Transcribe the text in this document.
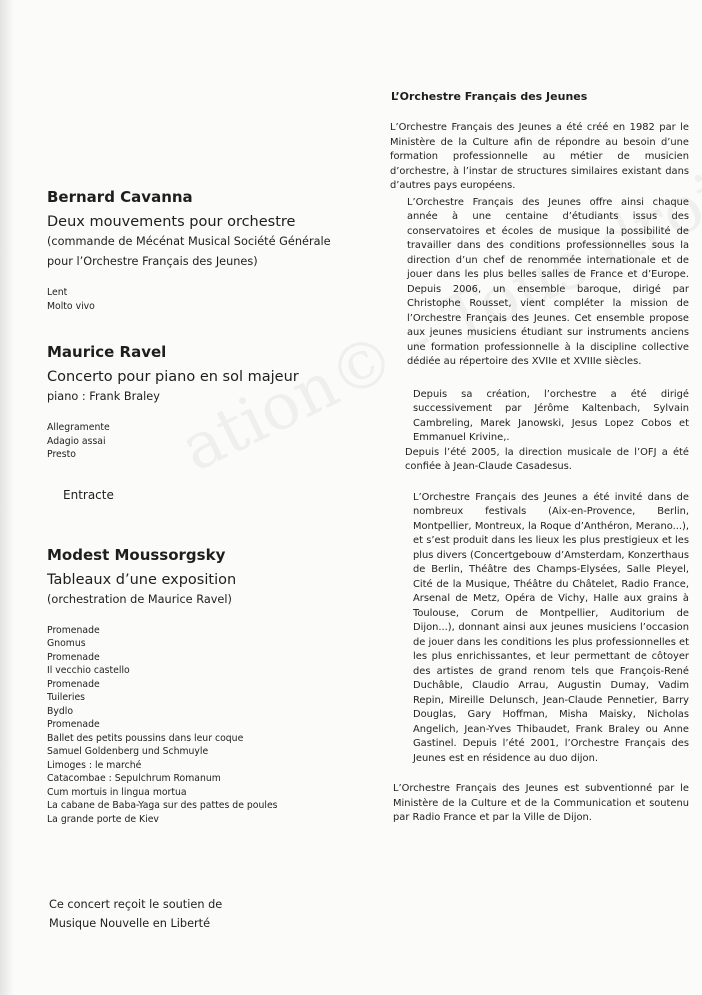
Bernard Cavanna

Deux mouvements pour orchestre

(commande de Mécénat Musical Société Générale
pour l’Orchestre Français des Jeunes)

Lent
Molto vivo
Maurice Ravel

Concerto pour piano en sol majeur

piano : Frank Braley

Allegramente
Adagio assai
Presto

Entracte

Modest Moussorgsky

Tableaux d’une exposition

(orchestration de Maurice Ravel)

Promenade
Gnomus
Promenade
Il vecchio castello
Promenade
Tuileries
Bydlo
Promenade
Ballet des petits poussins dans leur coque
Samuel Goldenberg und Schmuyle
Limoges : le marché
Catacombae : Sepulchrum Romanum
Cum mortuis in lingua mortua
La cabane de Baba-Yaga sur des pattes de poules
La grande porte de Kiev
Ce concert reçoit le soutien de
Musique Nouvelle en Liberté
L’Orchestre Français des Jeunes

L’Orchestre Français des Jeunes a été créé en 1982 par le Ministère de la Culture afin de répondre au besoin d’une formation professionnelle au métier de musicien d’orchestre, à l’instar de structures similaires existant dans d’autres pays européens.

L’Orchestre Français des Jeunes offre ainsi chaque année à une centaine d’étudiants issus des conservatoires et écoles de musique la possibilité de travailler dans des conditions professionnelles sous la direction d’un chef de renommée internationale et de jouer dans les plus belles salles de France et d’Europe. Depuis 2006, un ensemble baroque, dirigé par Christophe Rousset, vient compléter la mission de l’Orchestre Français des Jeunes. Cet ensemble propose aux jeunes musiciens étudiant sur instruments anciens une formation professionnelle à la discipline collective dédiée au répertoire des XVIIe et XVIIIe siècles.

Depuis sa création, l’orchestre a été dirigé successivement par Jérôme Kaltenbach, Sylvain Cambreling, Marek Janowski, Jesus Lopez Cobos et Emmanuel Krivine,.

Depuis l’été 2005, la direction musicale de l’OFJ a été confiée à Jean-Claude Casadesus.

L’Orchestre Français des Jeunes a été invité dans de nombreux festivals (Aix-en-Provence, Berlin, Montpellier, Montreux, la Roque d’Anthéron, Merano...), et s’est produit dans les lieux les plus prestigieux et les plus divers (Concertgebouw d’Amsterdam, Konzerthaus de Berlin, Théâtre des Champs-Elysées, Salle Pleyel, Cité de la Musique, Théâtre du Châtelet, Radio France, Arsenal de Metz, Opéra de Vichy, Halle aux grains à Toulouse, Corum de Montpellier, Auditorium de Dijon...), donnant ainsi aux jeunes musiciens l’occasion de jouer dans les conditions les plus professionnelles et les plus enrichissantes, et leur permettant de côtoyer des artistes de grand renom tels que François-René Duchâble, Claudio Arrau, Augustin Dumay, Vadim Repin, Mireille Delunsch, Jean-Claude Pennetier, Barry Douglas, Gary Hoffman, Misha Maisky, Nicholas Angelich, Jean-Yves Thibaudet, Frank Braley ou Anne Gastinel. Depuis l’été 2001, l’Orchestre Français des Jeunes est en résidence au duo dijon.

L’Orchestre Français des Jeunes est subventionné par le Ministère de la Culture et de la Communication et soutenu par Radio France et par la Ville de Dijon.
